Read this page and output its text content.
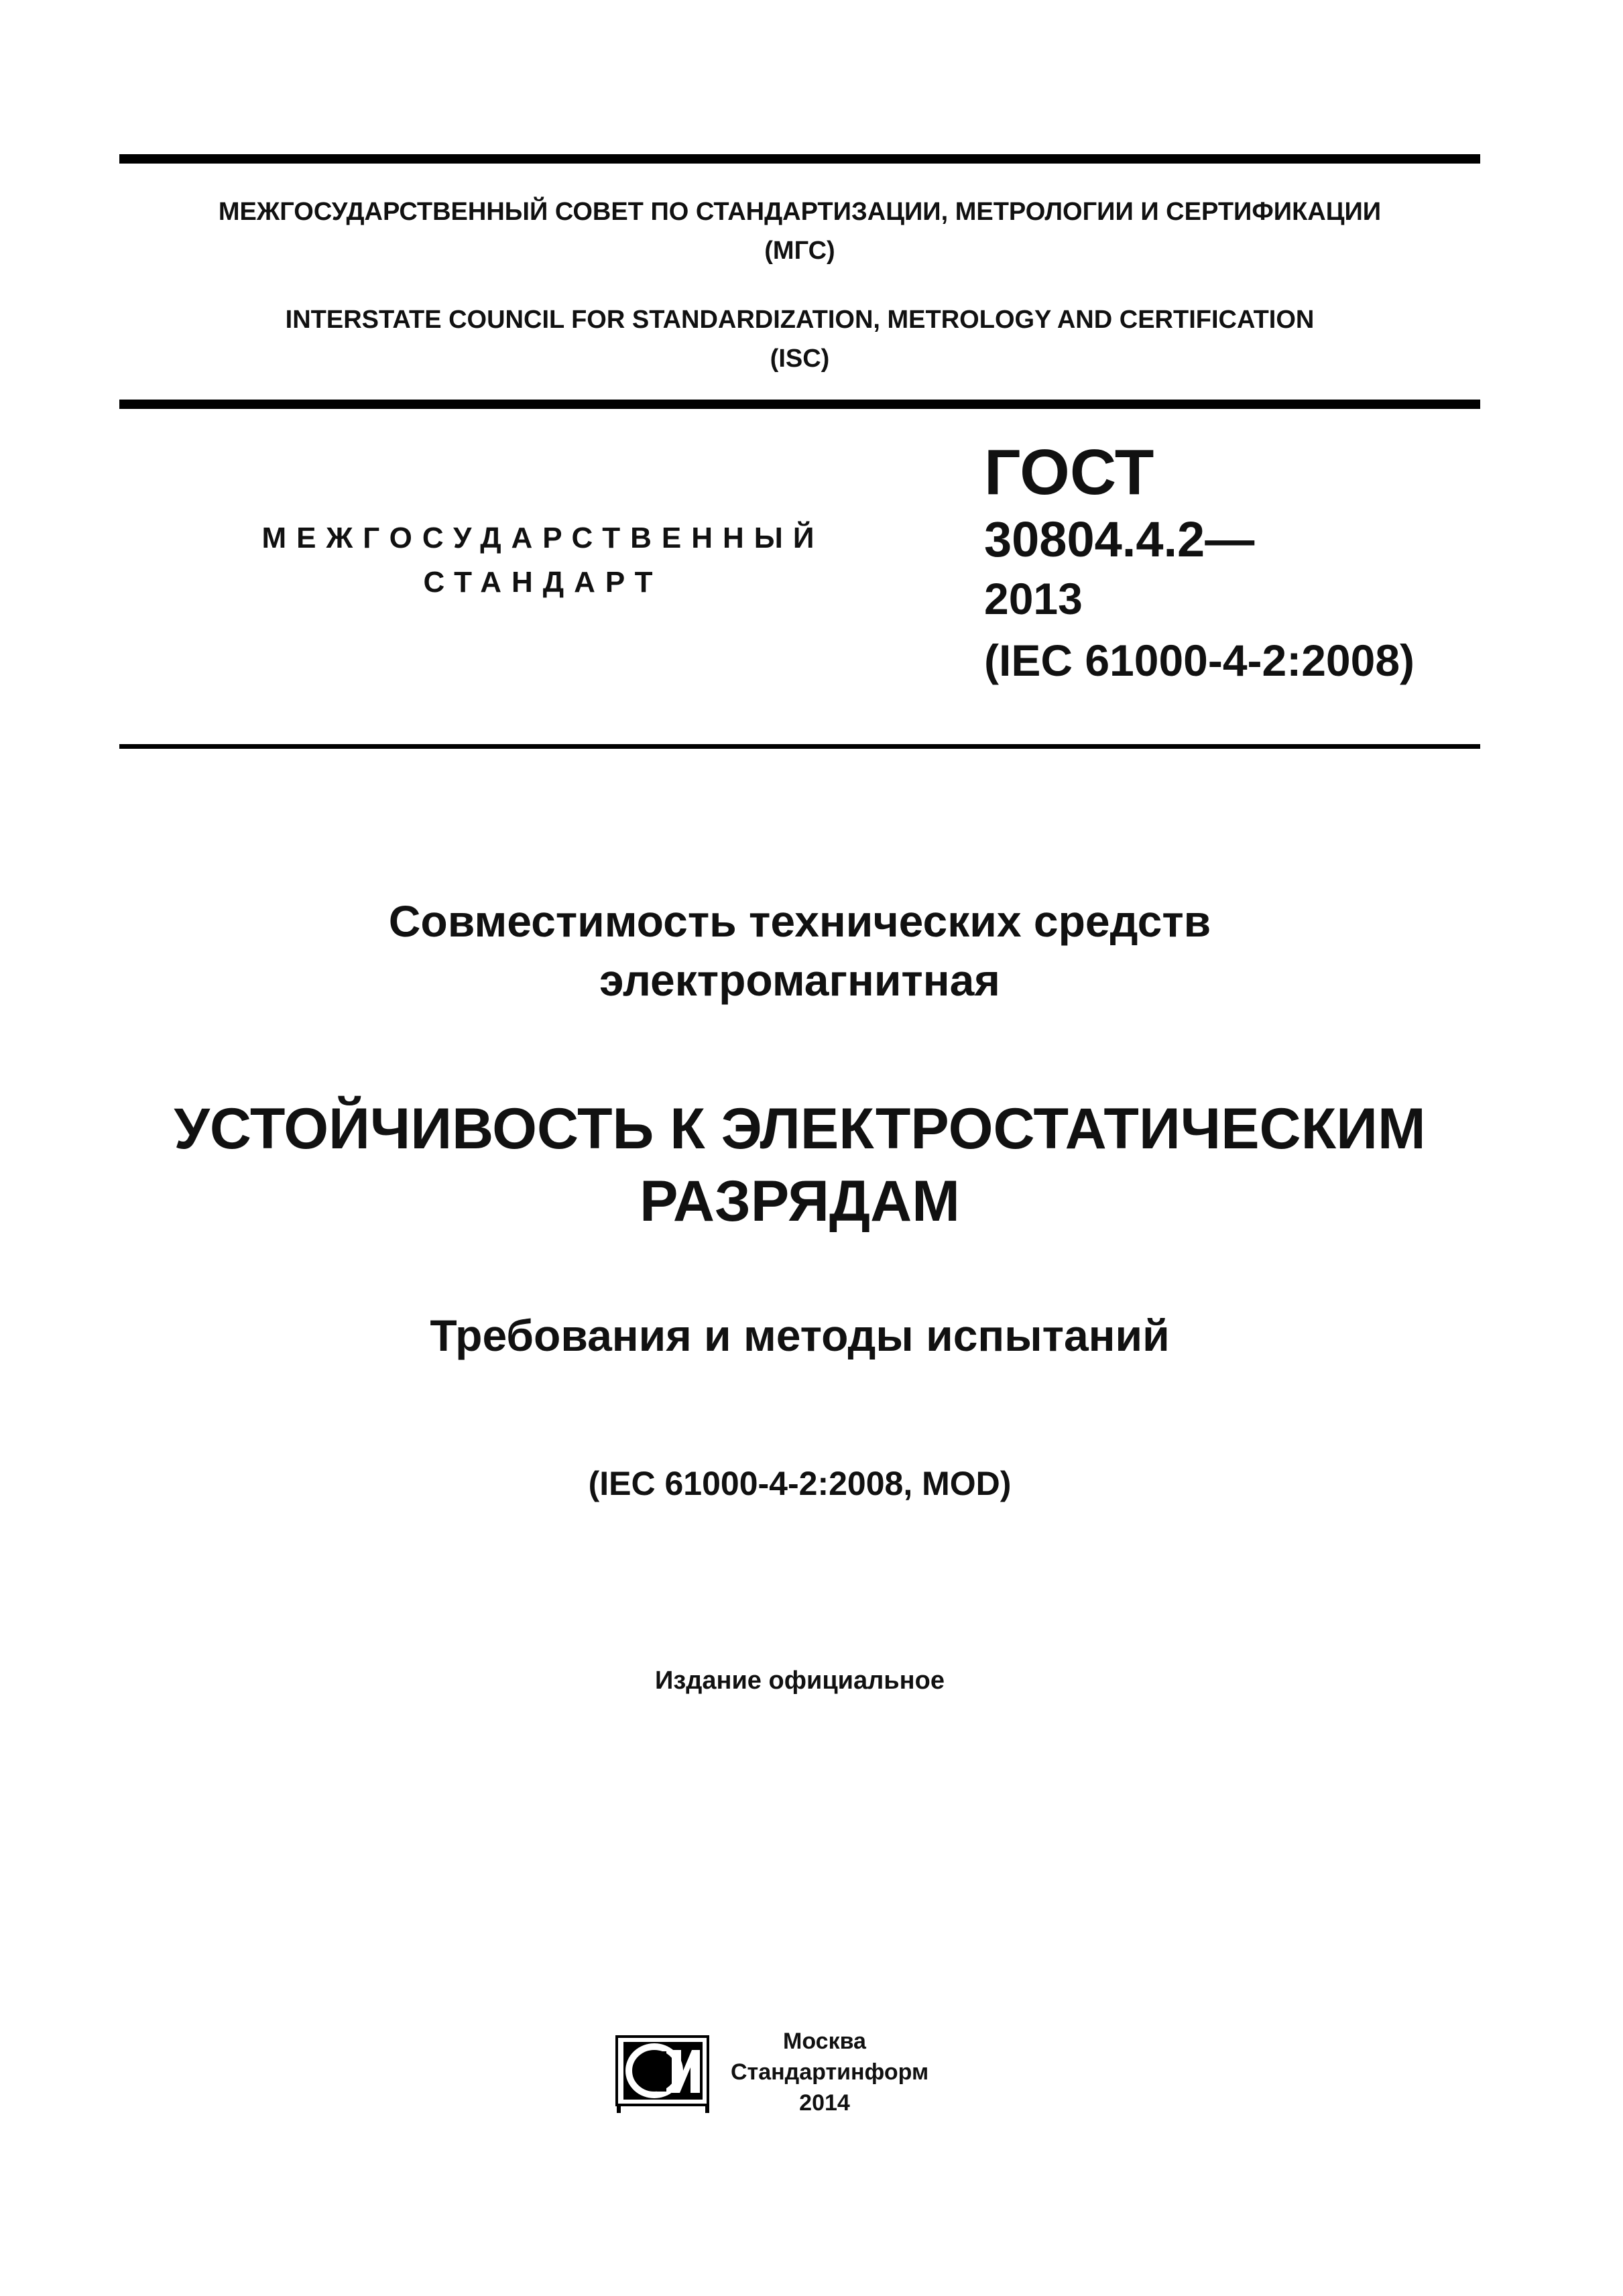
МЕЖГОСУДАРСТВЕННЫЙ СОВЕТ ПО СТАНДАРТИЗАЦИИ, МЕТРОЛОГИИ И СЕРТИФИКАЦИИ
(МГС)
INTERSTATE COUNCIL FOR STANDARDIZATION, METROLOGY AND CERTIFICATION
(ISC)
МЕЖГОСУДАРСТВЕННЫЙ
СТАНДАРТ
ГОСТ
30804.4.2—
2013
(IEC 61000-4-2:2008)
Совместимость технических средств
электромагнитная
УСТОЙЧИВОСТЬ К ЭЛЕКТРОСТАТИЧЕСКИМ
РАЗРЯДАМ
Требования и методы испытаний
(IEC 61000-4-2:2008, MOD)
Издание официальное
Москва
Стандартинформ
2014
